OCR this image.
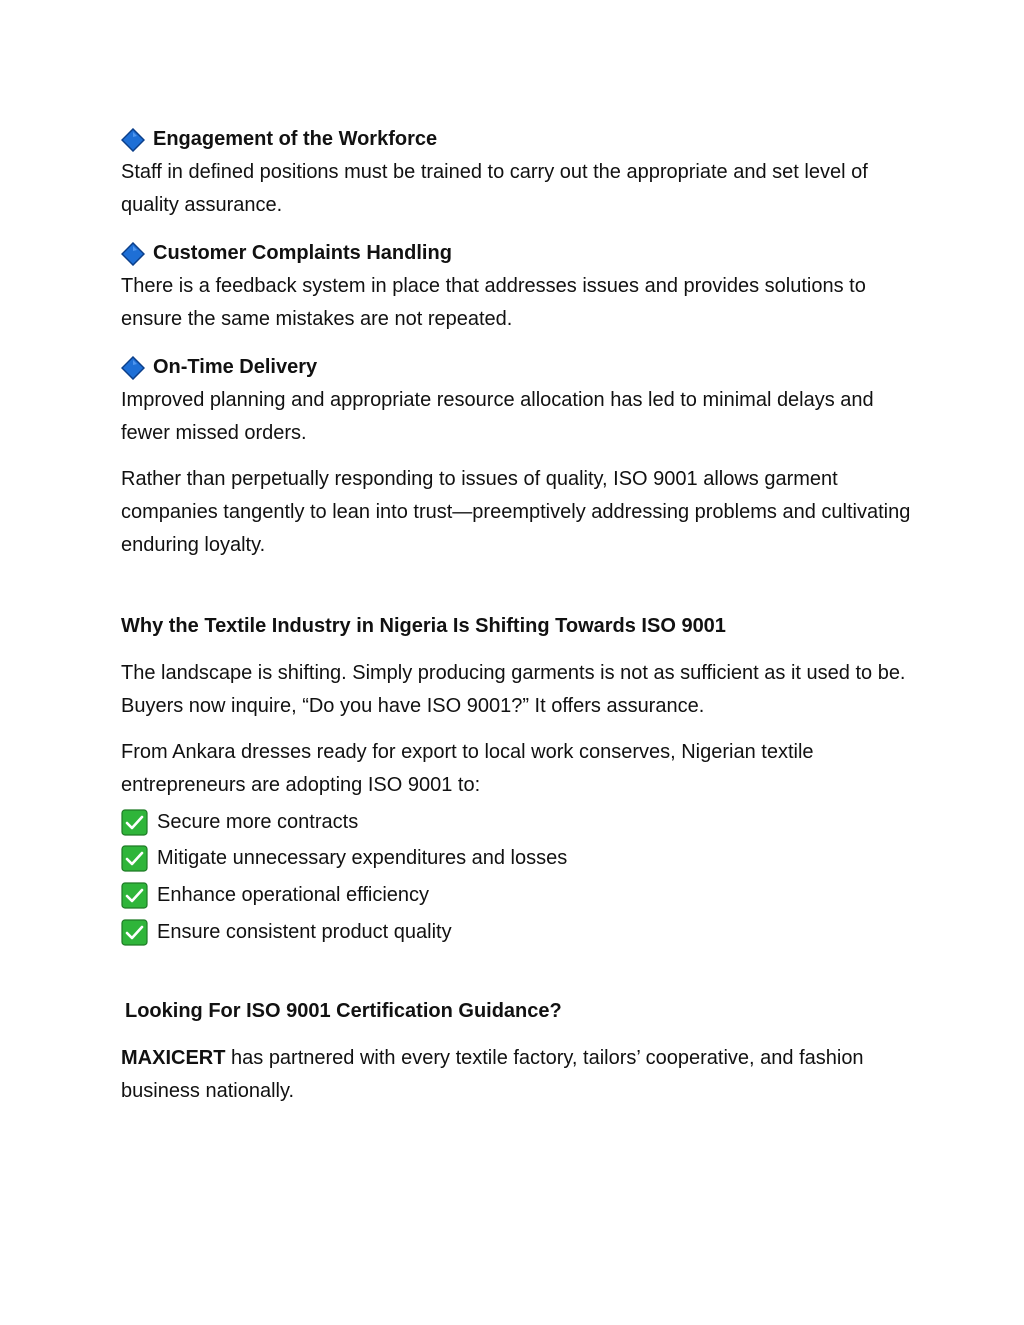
Engagement of the Workforce

Staff in defined positions must be trained to carry out the appropriate and set level of quality assurance.

Customer Complaints Handling

There is a feedback system in place that addresses issues and provides solutions to ensure the same mistakes are not repeated.

On-Time Delivery

Improved planning and appropriate resource allocation has led to minimal delays and fewer missed orders.

Rather than perpetually responding to issues of quality, ISO 9001 allows garment companies tangently to lean into trust—preemptively addressing problems and cultivating enduring loyalty.

Why the Textile Industry in Nigeria Is Shifting Towards ISO 9001

The landscape is shifting. Simply producing garments is not as sufficient as it used to be. Buyers now inquire, “Do you have ISO 9001?” It offers assurance.

From Ankara dresses ready for export to local work conserves, Nigerian textile entrepreneurs are adopting ISO 9001 to:

Secure more contracts
Mitigate unnecessary expenditures and losses
Enhance operational efficiency
Ensure consistent product quality

Looking For ISO 9001 Certification Guidance?

MAXICERT has partnered with every textile factory, tailors’ cooperative, and fashion business nationally.
